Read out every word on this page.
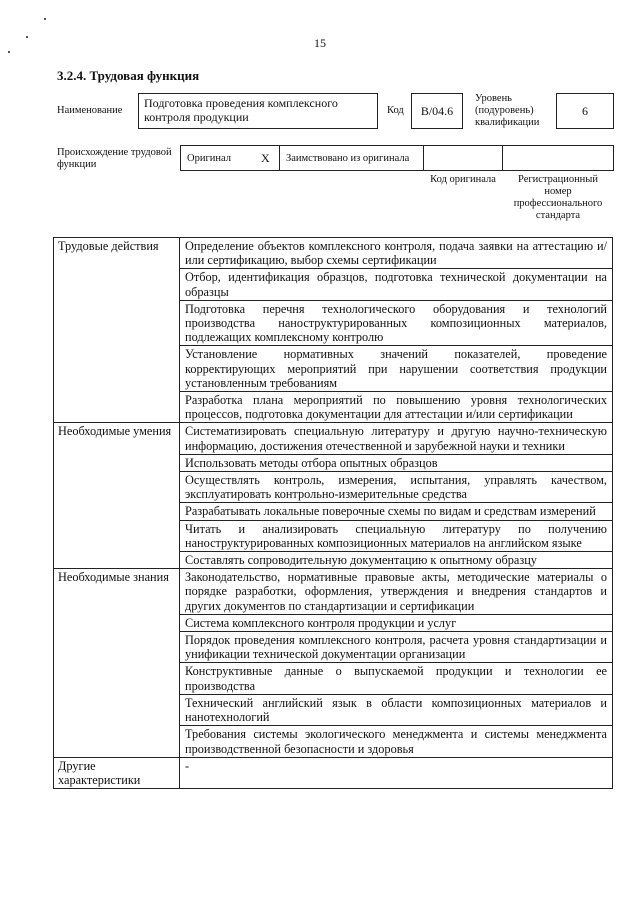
15
3.2.4. Трудовая функция
Наименование
Подготовка проведения комплексного контроля продукции	Код	B/04.6
Уровень (подуровень) квалификации
6
Происхождение трудовой функции
Оригинал	X Заимствовано из оригинала
Код оригинала	Регистрационный номер профессионального стандарта
Трудовые действия	Определение объектов комплексного контроля, подача заявки на аттестацию и/или сертификацию, выбор схемы сертификации
	Отбор, идентификация образцов, подготовка технической документации на образцы
	Подготовка перечня технологического оборудования и технологий производства наноструктурированных композиционных материалов, подлежащих комплексному контролю
	Установление нормативных значений показателей, проведение корректирующих мероприятий при нарушении соответствия продукции установленным требованиям
	Разработка плана мероприятий по повышению уровня технологических процессов, подготовка документации для аттестации и/или сертификации
Необходимые умения	Систематизировать специальную литературу и другую научно-техническую информацию, достижения отечественной и зарубежной науки и техники
	Использовать методы отбора опытных образцов
	Осуществлять контроль, измерения, испытания, управлять качеством, эксплуатировать контрольно-измерительные средства
	Разрабатывать локальные поверочные схемы по видам и средствам измерений
	Читать и анализировать специальную литературу по получению наноструктурированных композиционных материалов на английском языке
	Составлять сопроводительную документацию к опытному образцу
Необходимые знания	Законодательство, нормативные правовые акты, методические материалы о порядке разработки, оформления, утверждения и внедрения стандартов и других документов по стандартизации и сертификации
	Система комплексного контроля продукции и услуг
	Порядок проведения комплексного контроля, расчета уровня стандартизации и унификации технической документации организации
	Конструктивные данные о выпускаемой продукции и технологии ее производства
	Технический английский язык в области композиционных материалов и нанотехнологий
	Требования системы экологического менеджмента и системы менеджмента производственной безопасности и здоровья
Другие характеристики	-
